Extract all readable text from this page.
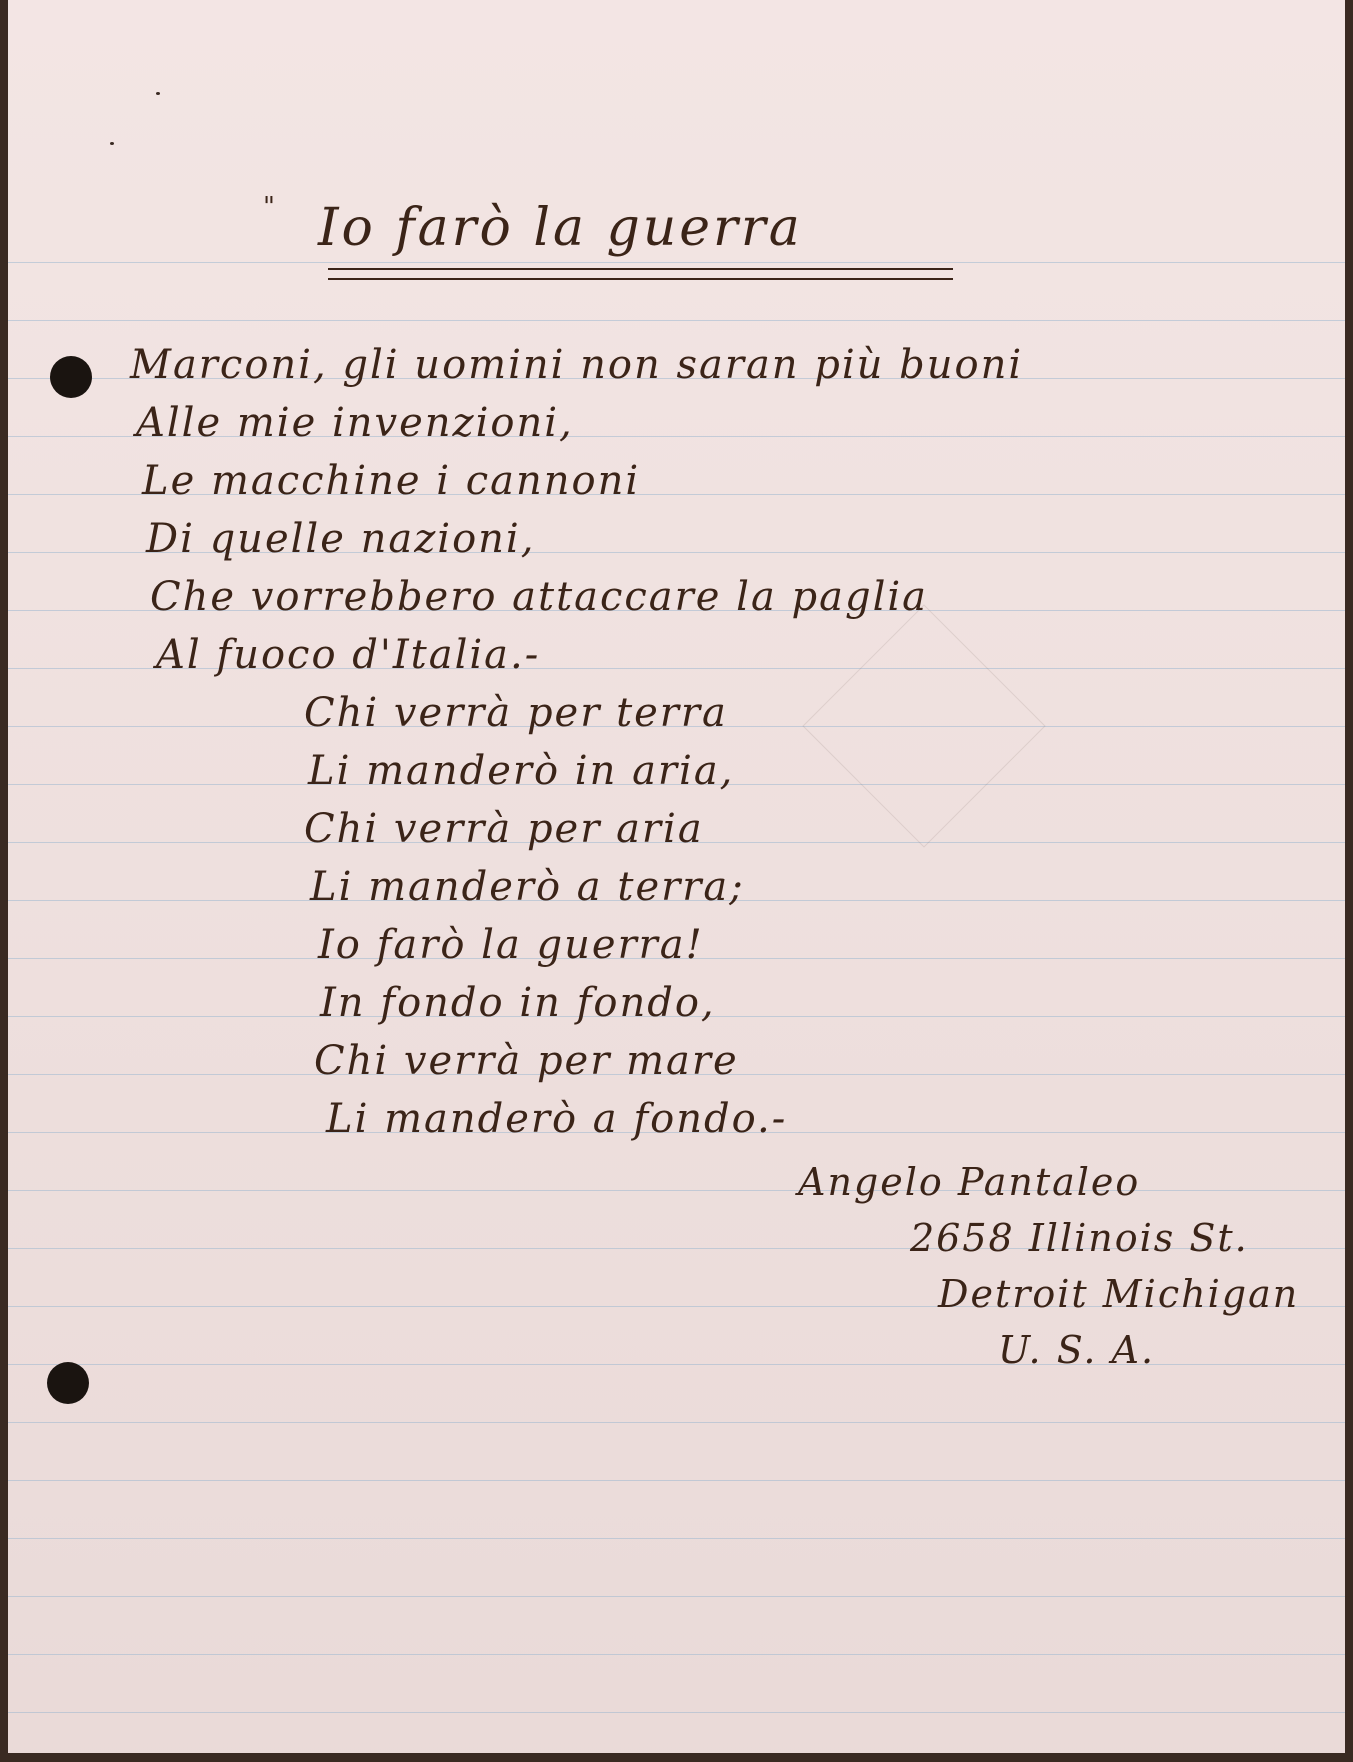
" Io farò la guerra
Marconi, gli uomini non saran più buoni
Alle mie invenzioni,
Le macchine i cannoni
Di quelle nazioni,
Che vorrebbero attaccare la paglia
Al fuoco d'Italia.-
Chi verrà per terra
Li manderò in aria,
Chi verrà per aria
Li manderò a terra;
Io farò la guerra!
In fondo in fondo,
Chi verrà per mare
Li manderò a fondo.-
Angelo Pantaleo
2658 Illinois St.
Detroit Michigan
U. S. A.
